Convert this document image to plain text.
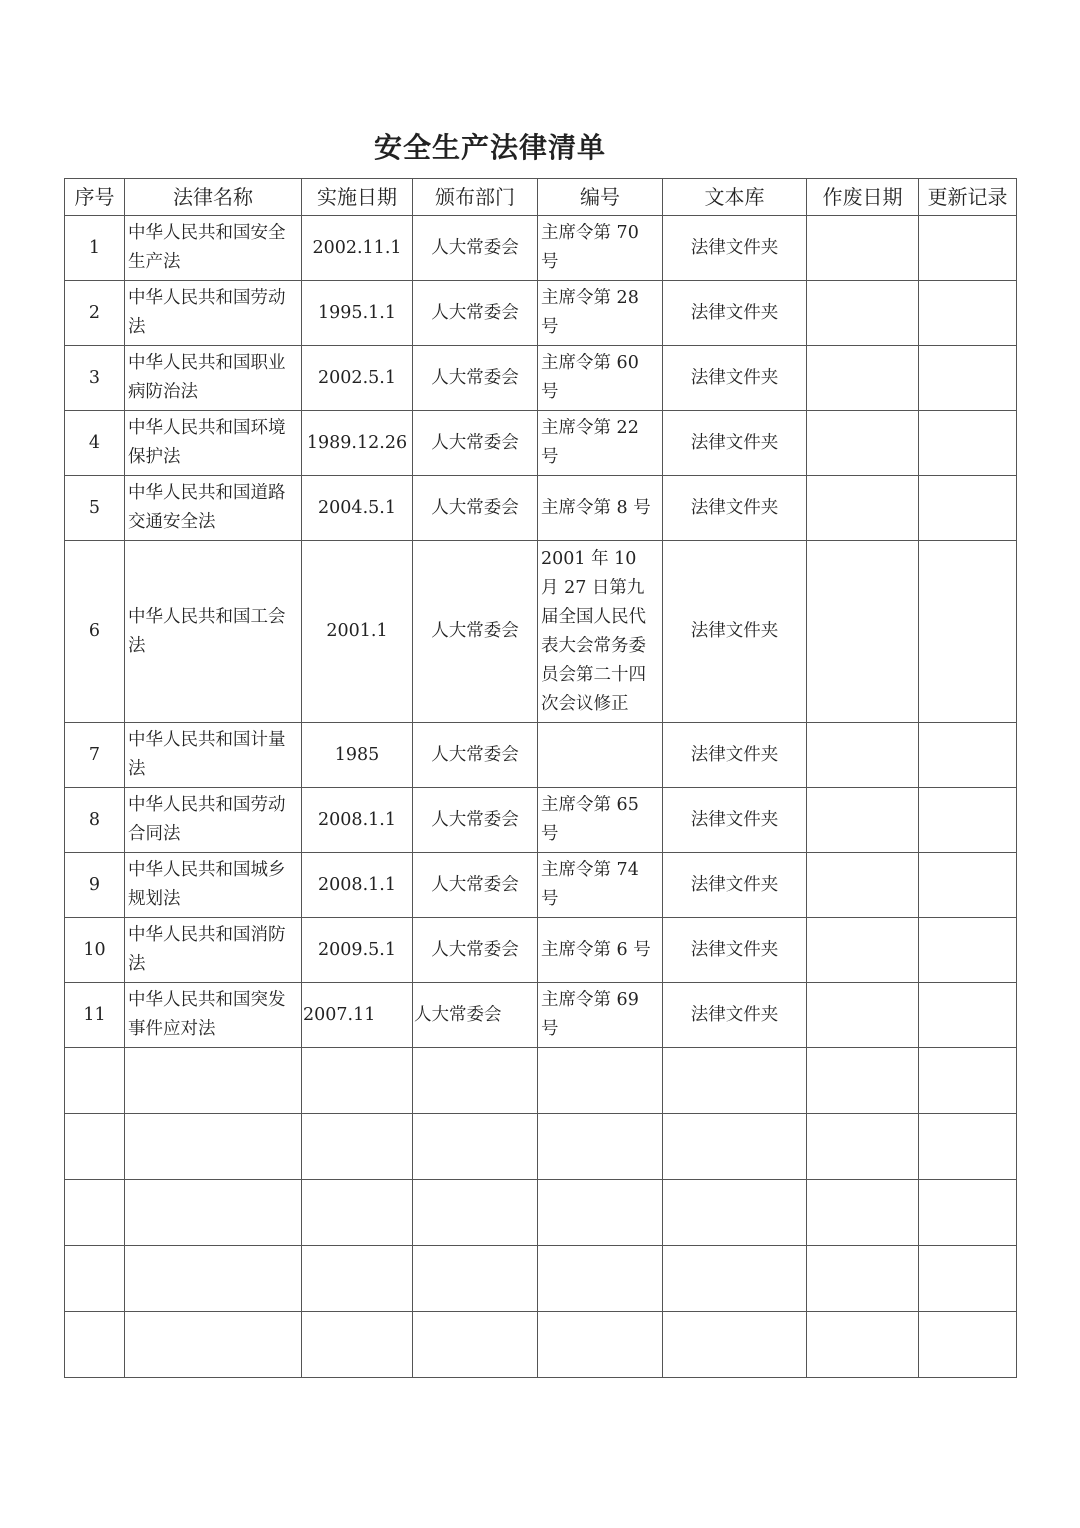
安全生产法律清单
序号	法律名称	实施日期	颁布部门	编号	文本库	作废日期	更新记录
1	中华人民共和国安全生产法	2002.11.1	人大常委会	主席令第 70 号	法律文件夹		
2	中华人民共和国劳动法	1995.1.1	人大常委会	主席令第 28 号	法律文件夹		
3	中华人民共和国职业病防治法	2002.5.1	人大常委会	主席令第 60 号	法律文件夹		
4	中华人民共和国环境保护法	1989.12.26	人大常委会	主席令第 22 号	法律文件夹		
5	中华人民共和国道路交通安全法	2004.5.1	人大常委会	主席令第 8 号	法律文件夹		
6	中华人民共和国工会法	2001.1	人大常委会	2001 年 10 月 27 日第九届全国人民代表大会常务委员会第二十四次会议修正	法律文件夹		
7	中华人民共和国计量法	1985	人大常委会		法律文件夹		
8	中华人民共和国劳动合同法	2008.1.1	人大常委会	主席令第 65 号	法律文件夹		
9	中华人民共和国城乡规划法	2008.1.1	人大常委会	主席令第 74 号	法律文件夹		
10	中华人民共和国消防法	2009.5.1	人大常委会	主席令第 6 号	法律文件夹		
11	中华人民共和国突发事件应对法	2007.11	人大常委会	主席令第 69 号	法律文件夹		
